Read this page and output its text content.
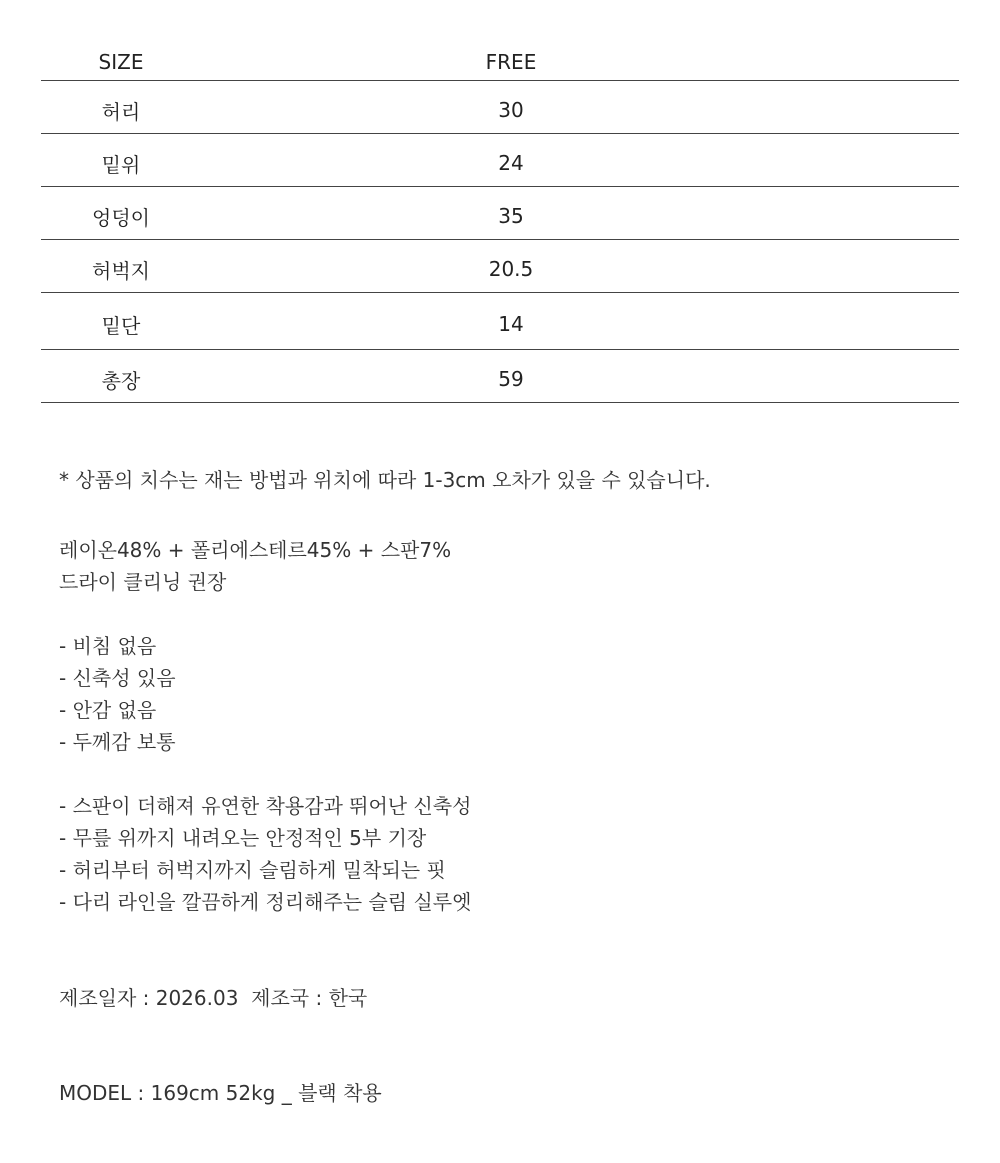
SIZE	FREE
허리	30
밑위	24
엉덩이	35
허벅지	20.5
밑단	14
총장	59

* 상품의 치수는 재는 방법과 위치에 따라 1-3cm 오차가 있을 수 있습니다.

레이온48% + 폴리에스테르45% + 스판7%
드라이 클리닝 권장

- 비침 없음
- 신축성 있음
- 안감 없음
- 두께감 보통

- 스판이 더해져 유연한 착용감과 뛰어난 신축성
- 무릎 위까지 내려오는 안정적인 5부 기장
- 허리부터 허벅지까지 슬림하게 밀착되는 핏
- 다리 라인을 깔끔하게 정리해주는 슬림 실루엣

제조일자 : 2026.03  제조국 : 한국

MODEL : 169cm 52kg _ 블랙 착용
